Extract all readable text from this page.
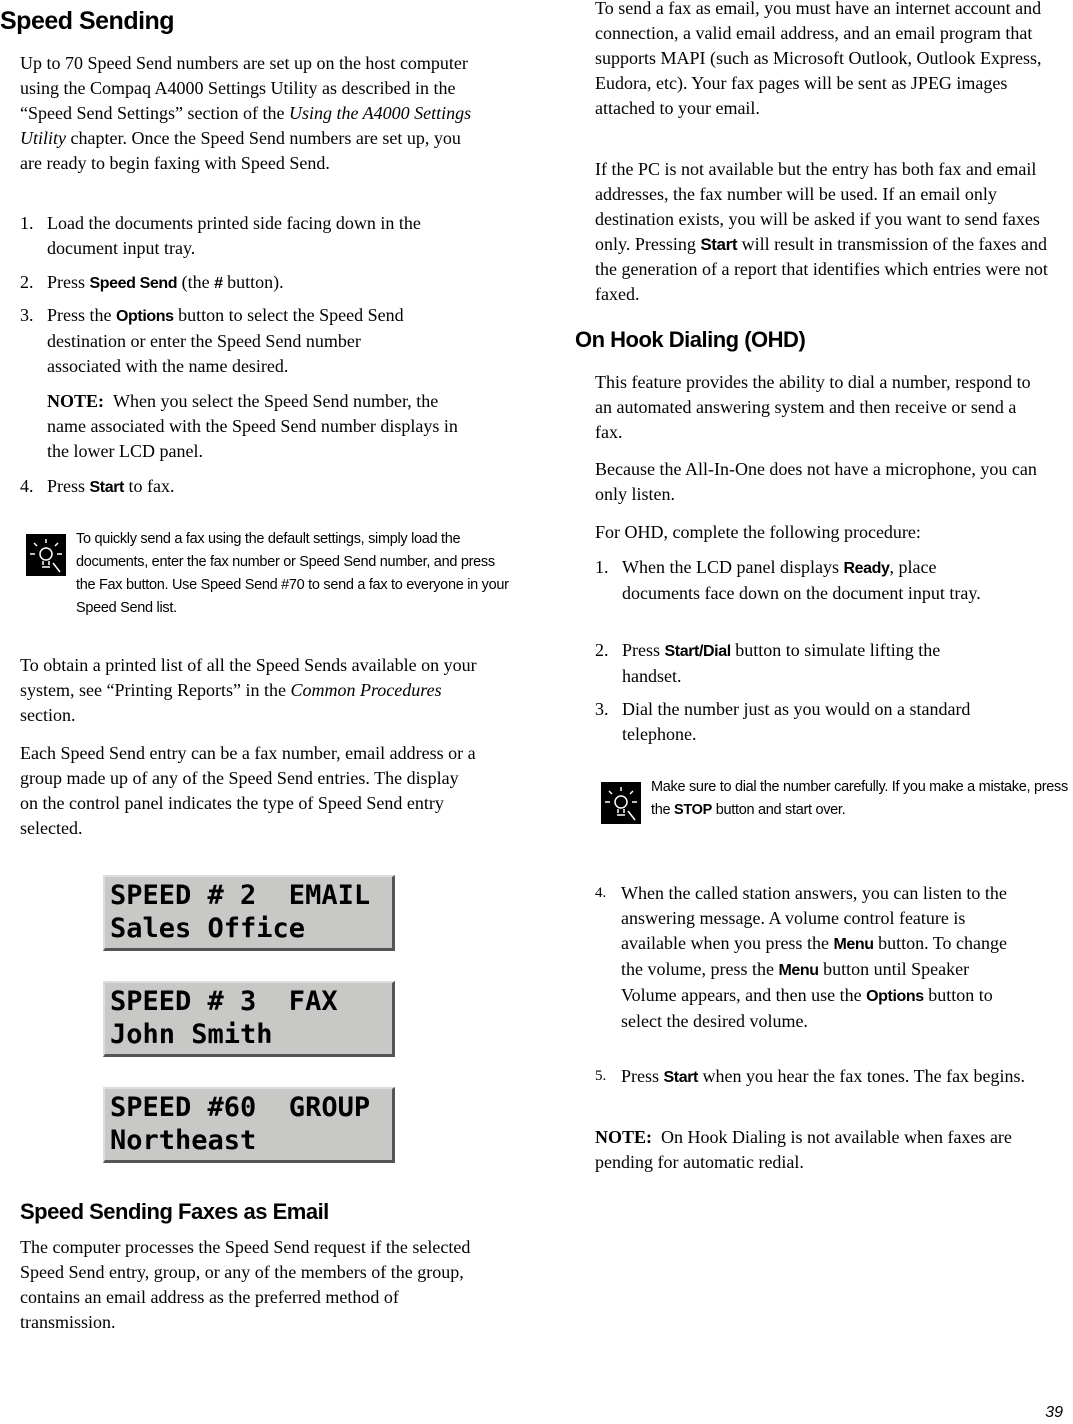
Speed Sending

Up to 70 Speed Send numbers are set up on the host computer using the Compaq A4000 Settings Utility as described in the “Speed Send Settings” section of the Using the A4000 Settings Utility chapter. Once the Speed Send numbers are set up, you are ready to begin faxing with Speed Send.

1. Load the documents printed side facing down in the document input tray.
2. Press Speed Send (the # button).
3. Press the Options button to select the Speed Send destination or enter the Speed Send number associated with the name desired.

NOTE: When you select the Speed Send number, the name associated with the Speed Send number displays in the lower LCD panel.

4. Press Start to fax.
To quickly send a fax using the default settings, simply load the documents, enter the fax number or Speed Send number, and press the Fax button. Use Speed Send #70 to send a fax to everyone in your Speed Send list.

To obtain a printed list of all the Speed Sends available on your system, see “Printing Reports” in the Common Procedures section.

Each Speed Send entry can be a fax number, email address or a group made up of any of the Speed Send entries. The display on the control panel indicates the type of Speed Send entry selected.

SPEED # 2  EMAIL
Sales Office
SPEED # 3  FAX
John Smith
SPEED #60  GROUP
Northeast
Speed Sending Faxes as Email

The computer processes the Speed Send request if the selected Speed Send entry, group, or any of the members of the group, contains an email address as the preferred method of transmission.

To send a fax as email, you must have an internet account and connection, a valid email address, and an email program that supports MAPI (such as Microsoft Outlook, Outlook Express, Eudora, etc). Your fax pages will be sent as JPEG images attached to your email.

If the PC is not available but the entry has both fax and email addresses, the fax number will be used. If an email only destination exists, you will be asked if you want to send faxes only. Pressing Start will result in transmission of the faxes and the generation of a report that identifies which entries were not faxed.

On Hook Dialing (OHD)

This feature provides the ability to dial a number, respond to an automated answering system and then receive or send a fax.

Because the All-In-One does not have a microphone, you can only listen.

For OHD, complete the following procedure:

1. When the LCD panel displays Ready, place documents face down on the document input tray.
2. Press Start/Dial button to simulate lifting the handset.
3. Dial the number just as you would on a standard telephone.
Make sure to dial the number carefully. If you make a mistake, press the STOP button and start over.
4. When the called station answers, you can listen to the answering message. A volume control feature is available when you press the Menu button. To change the volume, press the Menu button until Speaker Volume appears, and then use the Options button to select the desired volume.
5. Press Start when you hear the fax tones. The fax begins.

NOTE: On Hook Dialing is not available when faxes are pending for automatic redial.

39
